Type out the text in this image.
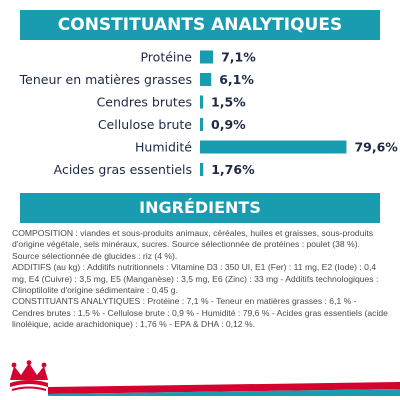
CONSTITUANTS ANALYTIQUES
Protéine 7,1%
Teneur en matières grasses 6,1%
Cendres brutes 1,5%
Cellulose brute 0,9%
Humidité	79,6%
Acides gras essentiels 1,76%
INGRÉDIENTS

COMPOSITION : viandes et sous-produits animaux, céréales, huiles et graisses, sous-produits d'origine végétale, sels minéraux, sucres. Source sélectionnée de protéines : poulet (38 %). Source sélectionnée de glucides : riz (4 %).

ADDITIFS (au kg) : Additifs nutritionnels : Vitamine D3 : 350 UI, E1 (Fer) : 11 mg, E2 (Iode) : 0,4 mg, E4 (Cuivre) : 3,5 mg, E5 (Manganèse) : 3,5 mg, E6 (Zinc) : 33 mg - Additifs technologiques : Clinoptilolite d'origine sédimentaire : 0,45 g.

CONSTITUANTS ANALYTIQUES : Protéine : 7,1 % - Teneur en matières grasses : 6,1 % - Cendres brutes : 1,5 % - Cellulose brute : 0,9 % - Humidité : 79,6 % - Acides gras essentiels (acide linoléique, acide arachidonique) : 1,76 % - EPA & DHA : 0,12 %.
